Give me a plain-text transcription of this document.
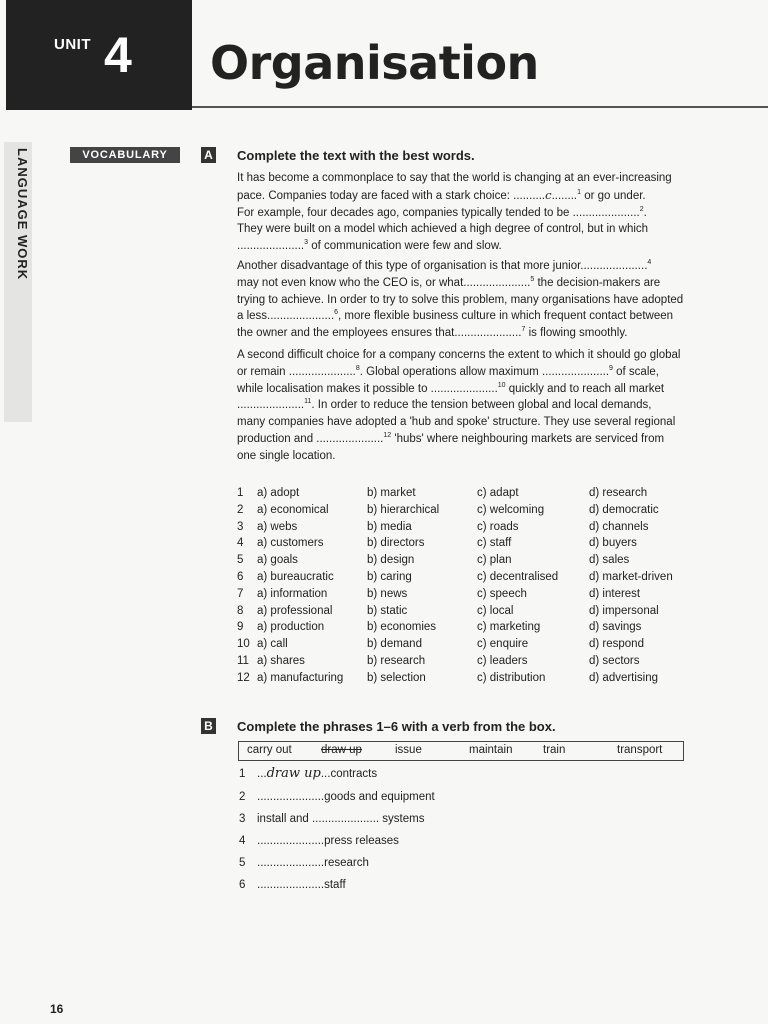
UNIT 4 Organisation
LANGUAGE WORK	VOCABULARY	A Complete the text with the best words.
It has become a commonplace to say that the world is changing at an ever-increasing
pace. Companies today are faced with a stark choice: ..........c........$^1$ or go under.
For example, four decades ago, companies typically tended to be .....................$^2$.
They were built on a model which achieved a high degree of control, but in which
.....................$^3$ of communication were few and slow.
Another disadvantage of this type of organisation is that more junior.....................$^4$
may not even know who the CEO is, or what.....................$^5$ the decision-makers are
trying to achieve. In order to try to solve this problem, many organisations have adopted
a less.....................$^6$, more flexible business culture in which frequent contact between
the owner and the employees ensures that.....................$^7$ is flowing smoothly.
A second difficult choice for a company concerns the extent to which it should go global
or remain .....................$^8$. Global operations allow maximum .....................$^9$ of scale,
while localisation makes it possible to .....................$^{10}$ quickly and to reach all market
.....................$^{11}$. In order to reduce the tension between global and local demands,
many companies have adopted a 'hub and spoke' structure. They use several regional
production and .....................$^{12}$ 'hubs' where neighbouring markets are serviced from
one single location.
1 a) adopt	b) market	c) adapt	d) research
2 a) economical	b) hierarchical	c) welcoming	d) democratic
3 a) webs	b) media	c) roads	d) channels
4 a) customers	b) directors	c) staff	d) buyers
5 a) goals	b) design	c) plan	d) sales
6 a) bureaucratic	b) caring	c) decentralised	d) market-driven
7 a) information	b) news	c) speech	d) interest
8 a) professional	b) static	c) local	d) impersonal
9 a) production	b) economies	c) marketing	d) savings
10 a) call	b) demand	c) enquire	d) respond
11 a) shares	b) research	c) leaders	d) sectors
12 a) manufacturing b) selection	c) distribution	d) advertising
B Complete the phrases 1–6 with a verb from the box.
carry out	draw up	issue	maintain	train	transport
1 ...draw up...contracts
2 .....................goods and equipment
3 install and ..................... systems
4 .....................press releases
5 .....................research
6 .....................staff
16
